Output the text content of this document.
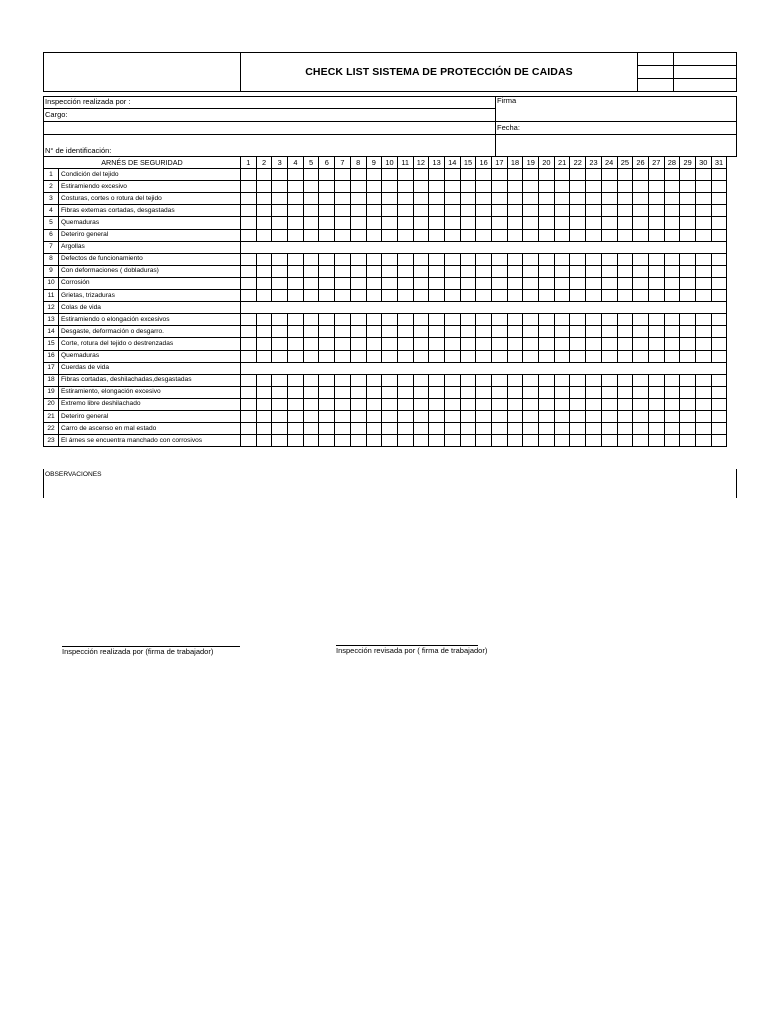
CHECK LIST SISTEMA DE PROTECCIÓN DE CAIDAS
Inspección realizada por :	Firma
Cargo:
Fecha:
N° de identificación:
ARNÉS DE SEGURIDAD		1	2	3	4	5	6	7	8	9	10	11	12	13	14	15	16	17	18	19	20	21	22	23	24	25	26	27	28	29	30	31
1	Condición del tejido																															
2	Estiramiendo excesivo																															
3	Costuras, cortes o rotura del tejido																															
4	Fibras externas cortadas, desgastadas																															
5	Quemaduras																															
6	Deteriro general																															
7	Argollas																															
8	Defectos de funcionamiento																															
9	Con deformaciones ( dobladuras)																															
10	Corrosión																															
11	Grietas, trizaduras																															
12	Colas de vida																															
13	Estiramiendo o elongación excesivos																															
14	Desgaste, deformación o desgarro.																															
15	Corte, rotura del tejido o destrenzadas																															
16	Quemaduras																															
17	Cuerdas de vida																															
18	Fibras cortadas, deshilachadas,desgastadas																															
19	Estiramiento, elongación excesivo																															
20	Extremo libre deshilachado																															
21	Deteriro general																															
22	Carro de ascenso en mal estado																															
23	El árnes se encuentra manchado con corrosivos																															
OBSERVACIONES
Inspección realizada por (firma de trabajador)	Inspección revisada por ( firma de trabajador)
